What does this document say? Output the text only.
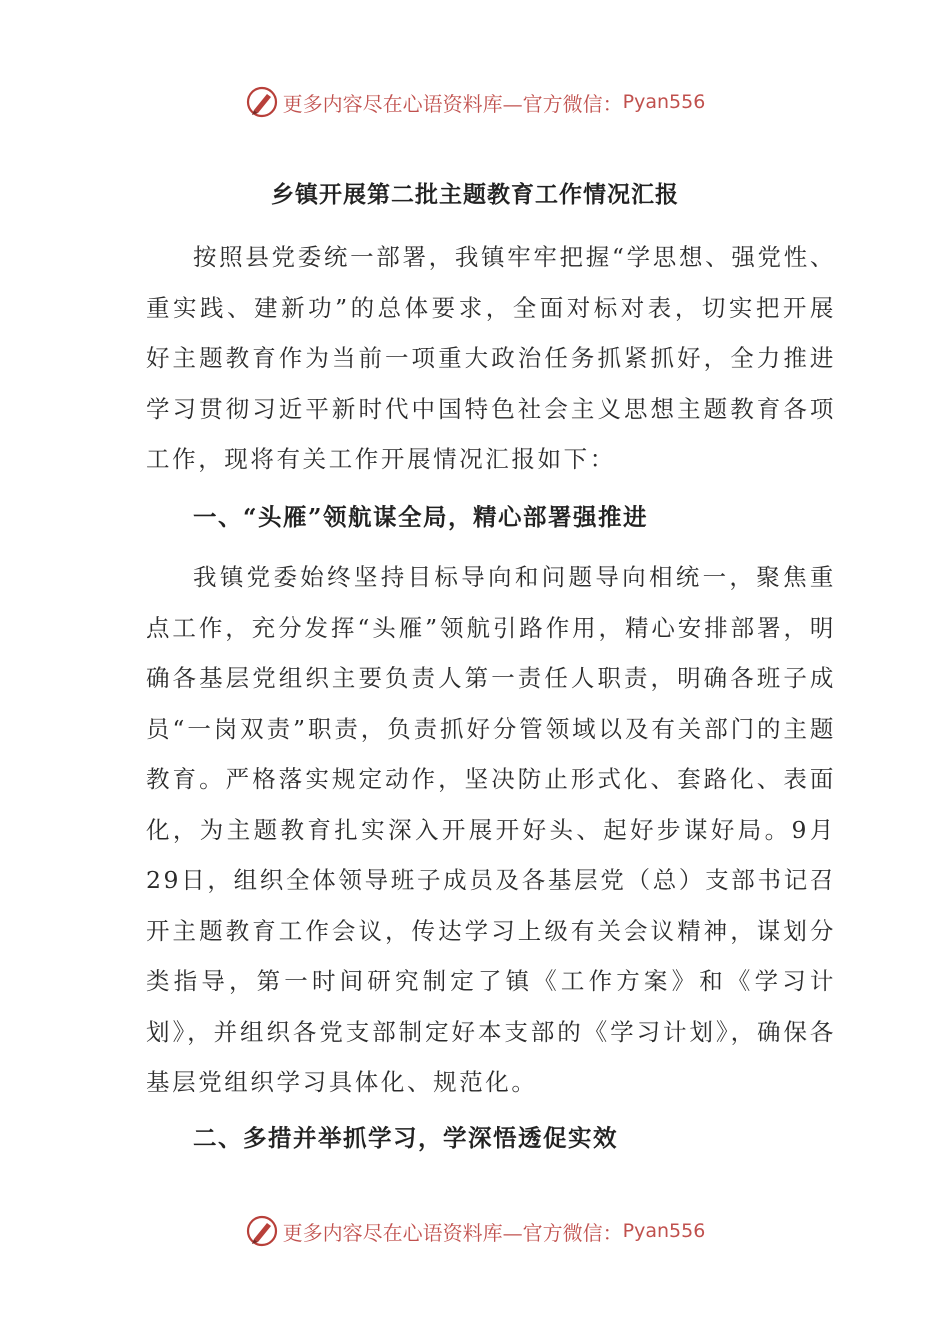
更多内容尽在心语资料库—官方微信： Pyan556
乡镇开展第二批主题教育工作情况汇报

按照县党委统一部署，我镇牢牢把握“学思想、强党性、重实践、建新功”的总体要求，全面对标对表，切实把开展好主题教育作为当前一项重大政治任务抓紧抓好，全力推进学习贯彻习近平新时代中国特色社会主义思想主题教育各项工作，现将有关工作开展情况汇报如下：

一、“头雁”领航谋全局，精心部署强推进

我镇党委始终坚持目标导向和问题导向相统一，聚焦重点工作，充分发挥“头雁”领航引路作用，精心安排部署，明确各基层党组织主要负责人第一责任人职责，明确各班子成员“一岗双责”职责，负责抓好分管领域以及有关部门的主题教育。严格落实规定动作，坚决防止形式化、套路化、表面化，为主题教育扎实深入开展开好头、起好步谋好局。9月29日，组织全体领导班子成员及各基层党（总）支部书记召开主题教育工作会议，传达学习上级有关会议精神，谋划分类指导，第一时间研究制定了镇《工作方案》和《学习计划》，并组织各党支部制定好本支部的《学习计划》，确保各基层党组织学习具体化、规范化。

二、多措并举抓学习，学深悟透促实效
更多内容尽在心语资料库—官方微信： Pyan556
